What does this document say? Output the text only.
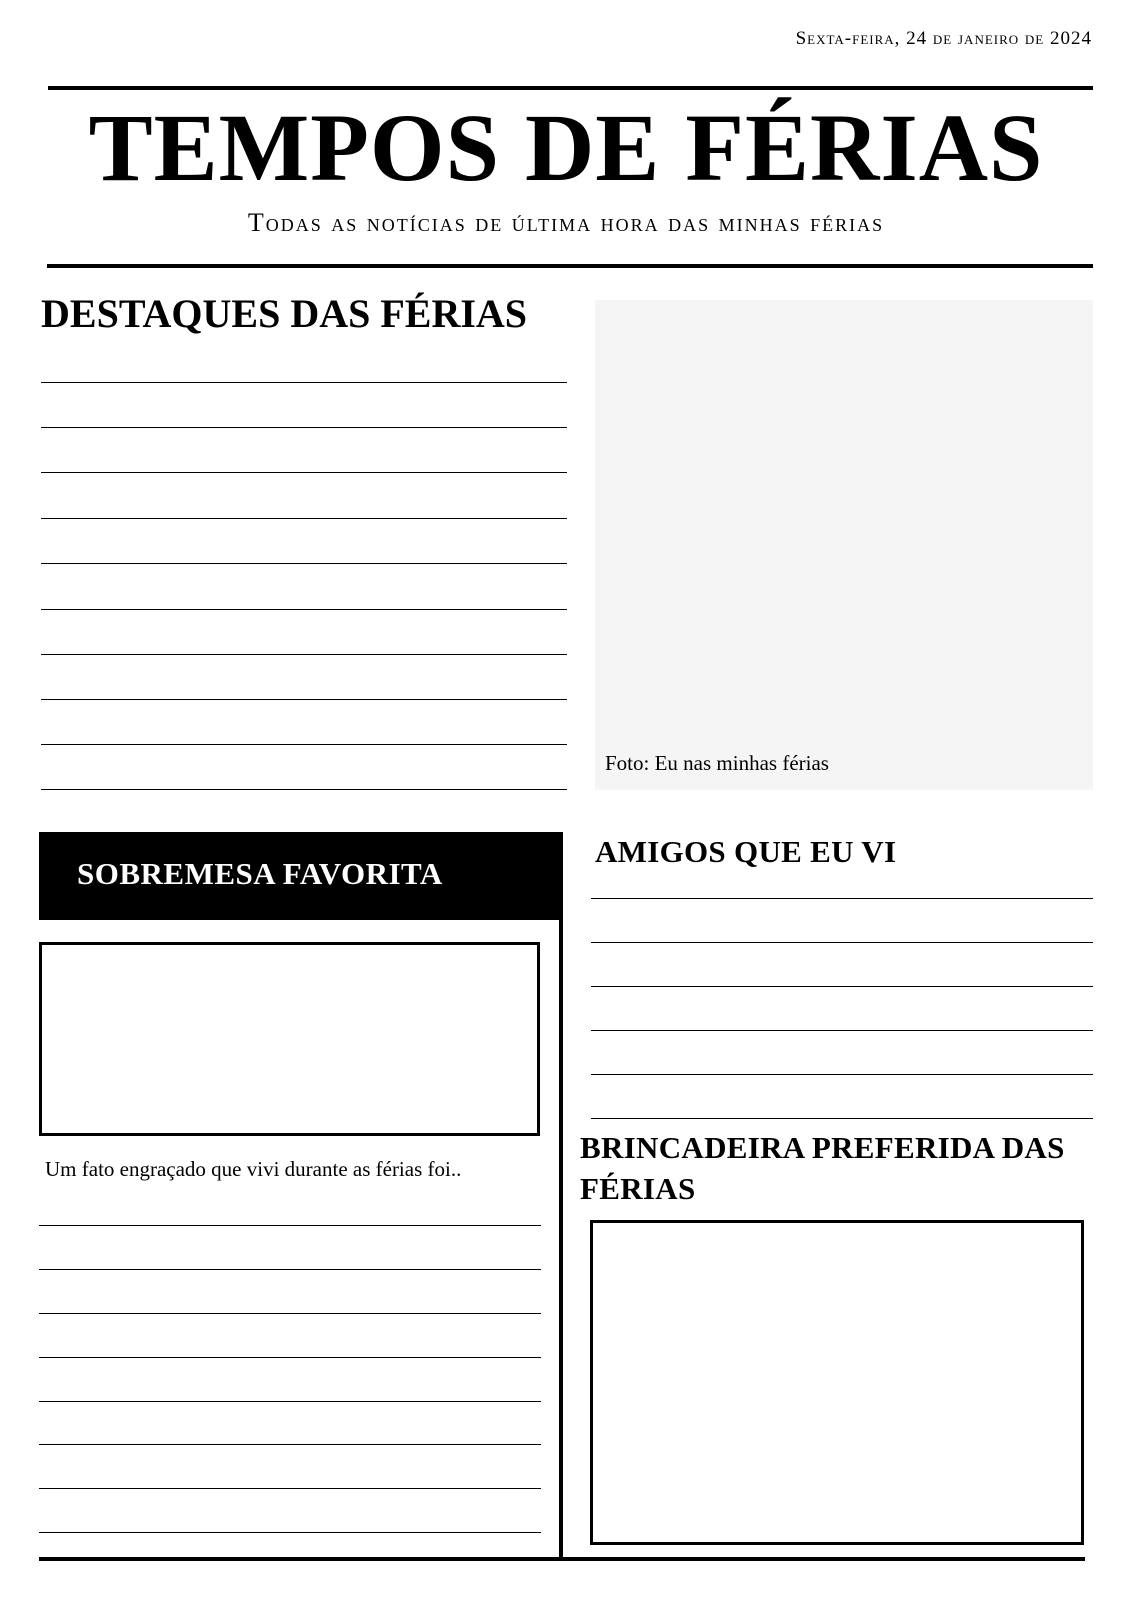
Sexta-feira, 24 de janeiro de 2024
TEMPOS DE FÉRIAS
Todas as notícias de última hora das minhas férias
DESTAQUES DAS FÉRIAS
Foto: Eu nas minhas férias
SOBREMESA FAVORITA
Um fato engraçado que vivi durante as férias foi..
AMIGOS QUE EU VI
BRINCADEIRA PREFERIDA DAS FÉRIAS
